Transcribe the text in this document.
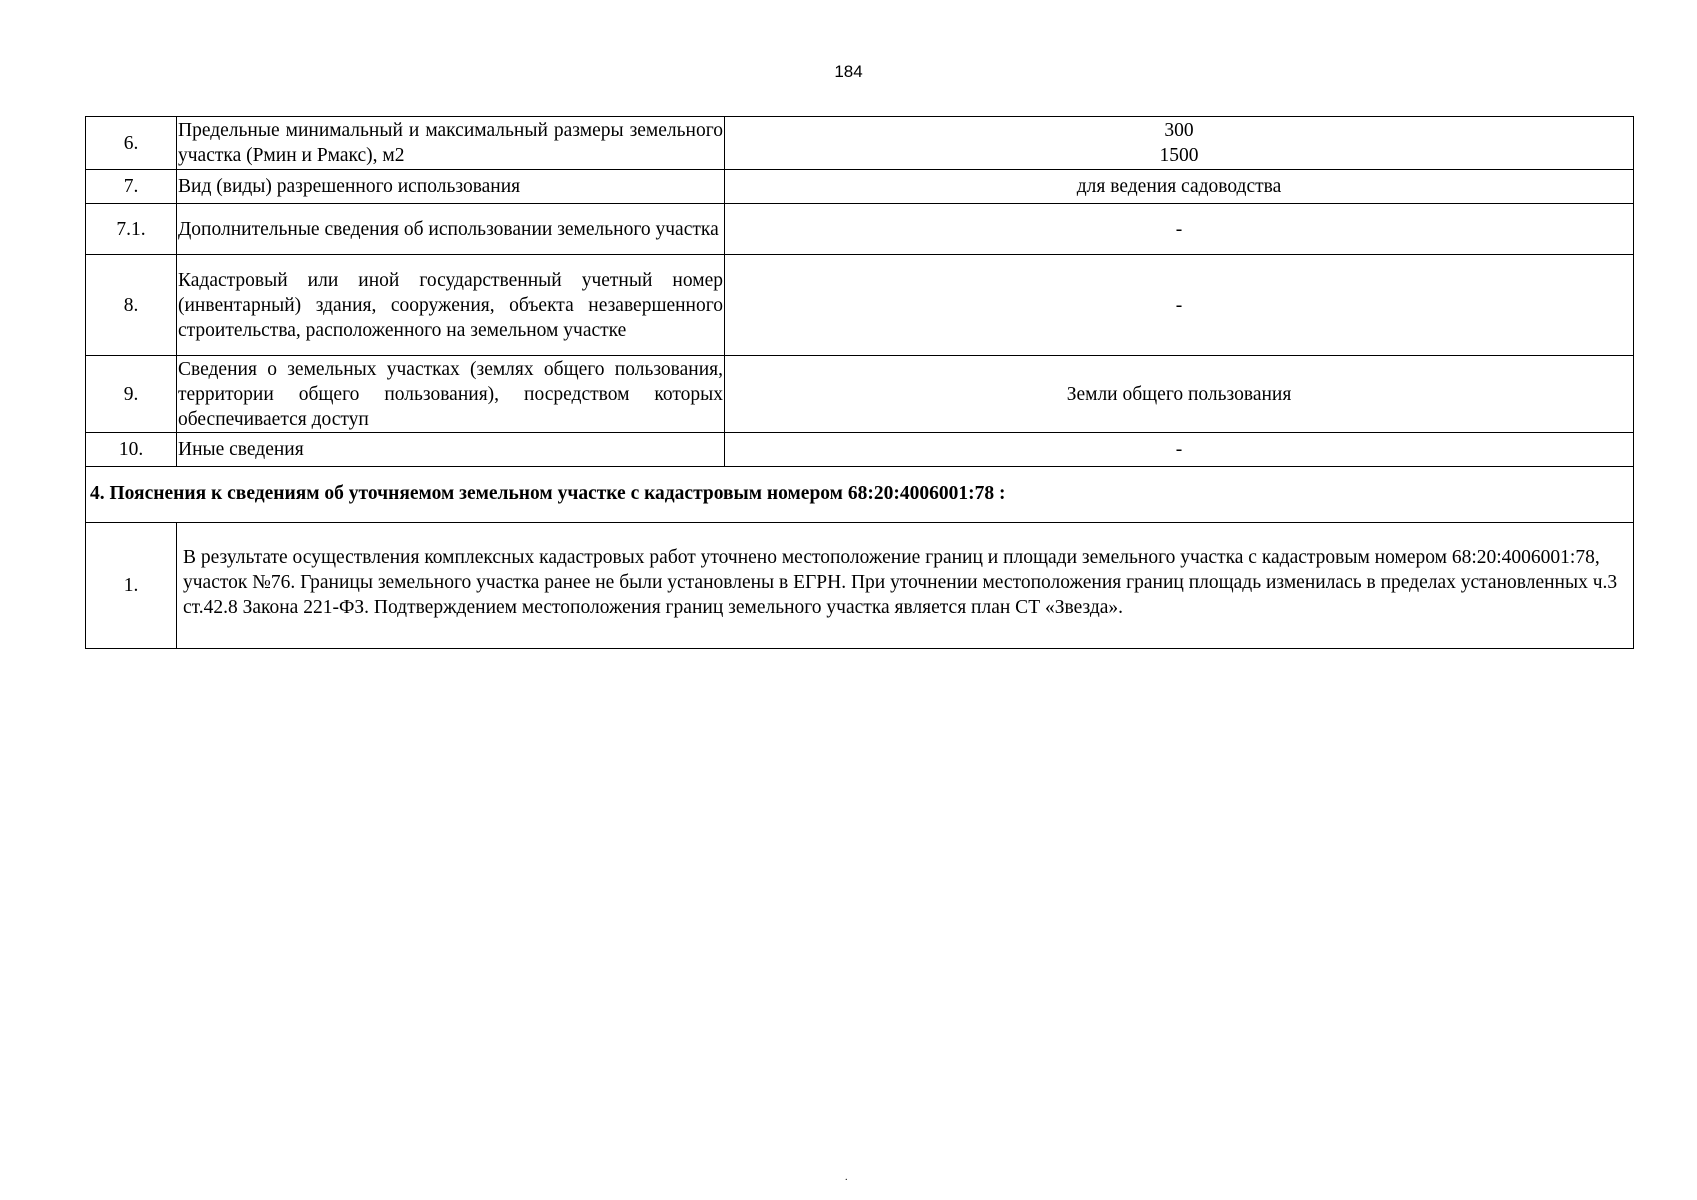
184
6.	Предельные минимальный и максимальный размеры земельного участка (Pмин и Pмакс), м2	300
1500

7.	Вид (виды) разрешенного использования	для ведения садоводства
7.1.	Дополнительные сведения об использовании земельного участка	-
8.	Кадастровый или иной государственный учетный номер (инвентарный) здания, сооружения, объекта незавершенного строительства, расположенного на земельном участке	-
9.	Сведения о земельных участках (землях общего пользования, территории общего пользования), посредством которых обеспечивается доступ	Земли общего пользования
10.	Иные сведения	-
4. Пояснения к сведениям об уточняемом земельном участке с кадастровым номером 68:20:4006001:78 :		
1.	В результате осуществления комплексных кадастровых работ уточнено местоположение границ и площади земельного участка с кадастровым номером 68:20:4006001:78, участок №76. Границы земельного участка ранее не были установлены в ЕГРН. При уточнении местоположения границ площадь изменилась в пределах установленных ч.3 ст.42.8 Закона 221-ФЗ. Подтверждением местоположения границ земельного участка является план СТ «Звезда».	
.
